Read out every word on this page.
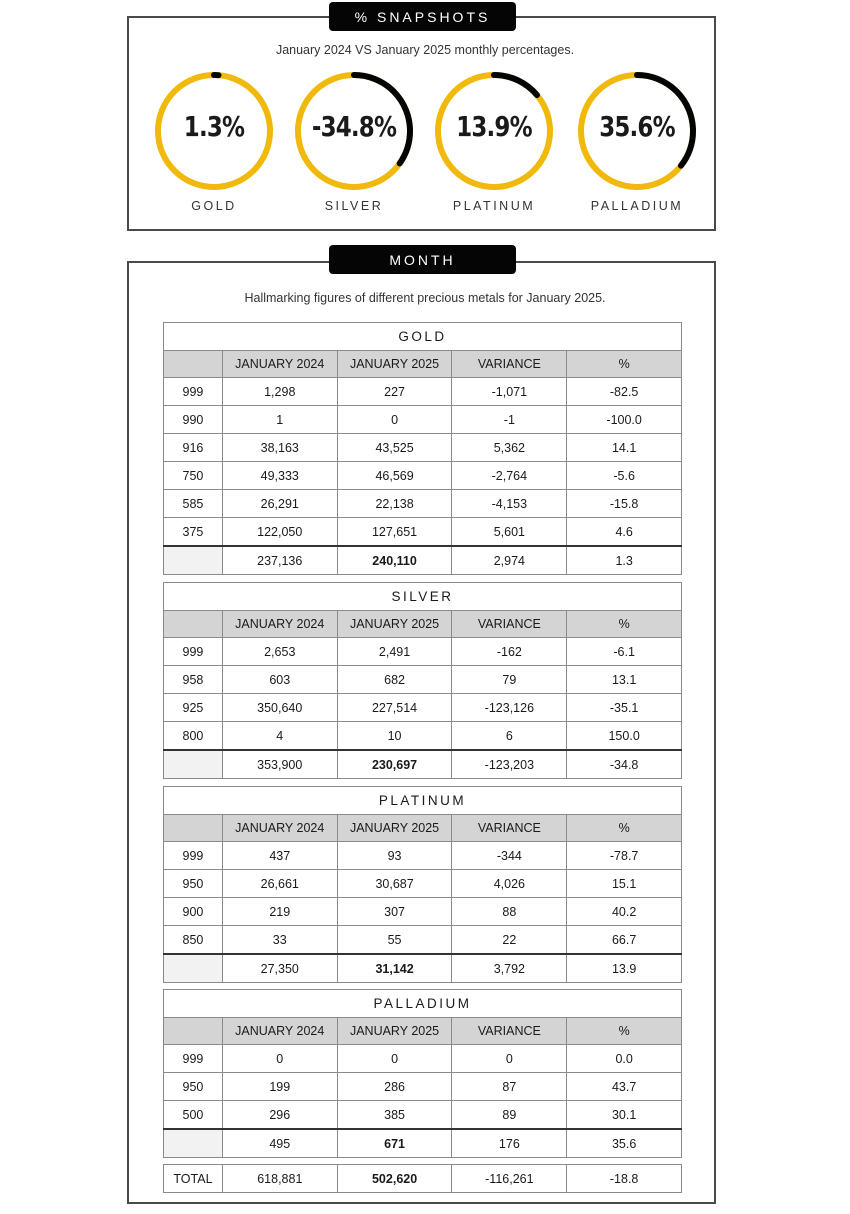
% SNAPSHOTS
January 2024 VS January 2025 monthly percentages.
1.3%
GOLD
-34.8%
SILVER
13.9%
PLATINUM
35.6%
PALLADIUM
MONTH
Hallmarking figures of different precious metals for January 2025.
GOLD				
	JANUARY 2024	JANUARY 2025	VARIANCE	%
999	1,298	227	-1,071	-82.5
990	1	0	-1	-100.0
916	38,163	43,525	5,362	14.1
750	49,333	46,569	-2,764	-5.6
585	26,291	22,138	-4,153	-15.8
375	122,050	127,651	5,601	4.6
	237,136	240,110	2,974	1.3
SILVER				
	JANUARY 2024	JANUARY 2025	VARIANCE	%
999	2,653	2,491	-162	-6.1
958	603	682	79	13.1
925	350,640	227,514	-123,126	-35.1
800	4	10	6	150.0
	353,900	230,697	-123,203	-34.8
PLATINUM				
	JANUARY 2024	JANUARY 2025	VARIANCE	%
999	437	93	-344	-78.7
950	26,661	30,687	4,026	15.1
900	219	307	88	40.2
850	33	55	22	66.7
	27,350	31,142	3,792	13.9
PALLADIUM				
	JANUARY 2024	JANUARY 2025	VARIANCE	%
999	0	0	0	0.0
950	199	286	87	43.7
500	296	385	89	30.1
	495	671	176	35.6
TOTAL	618,881	502,620	-116,261	-18.8
